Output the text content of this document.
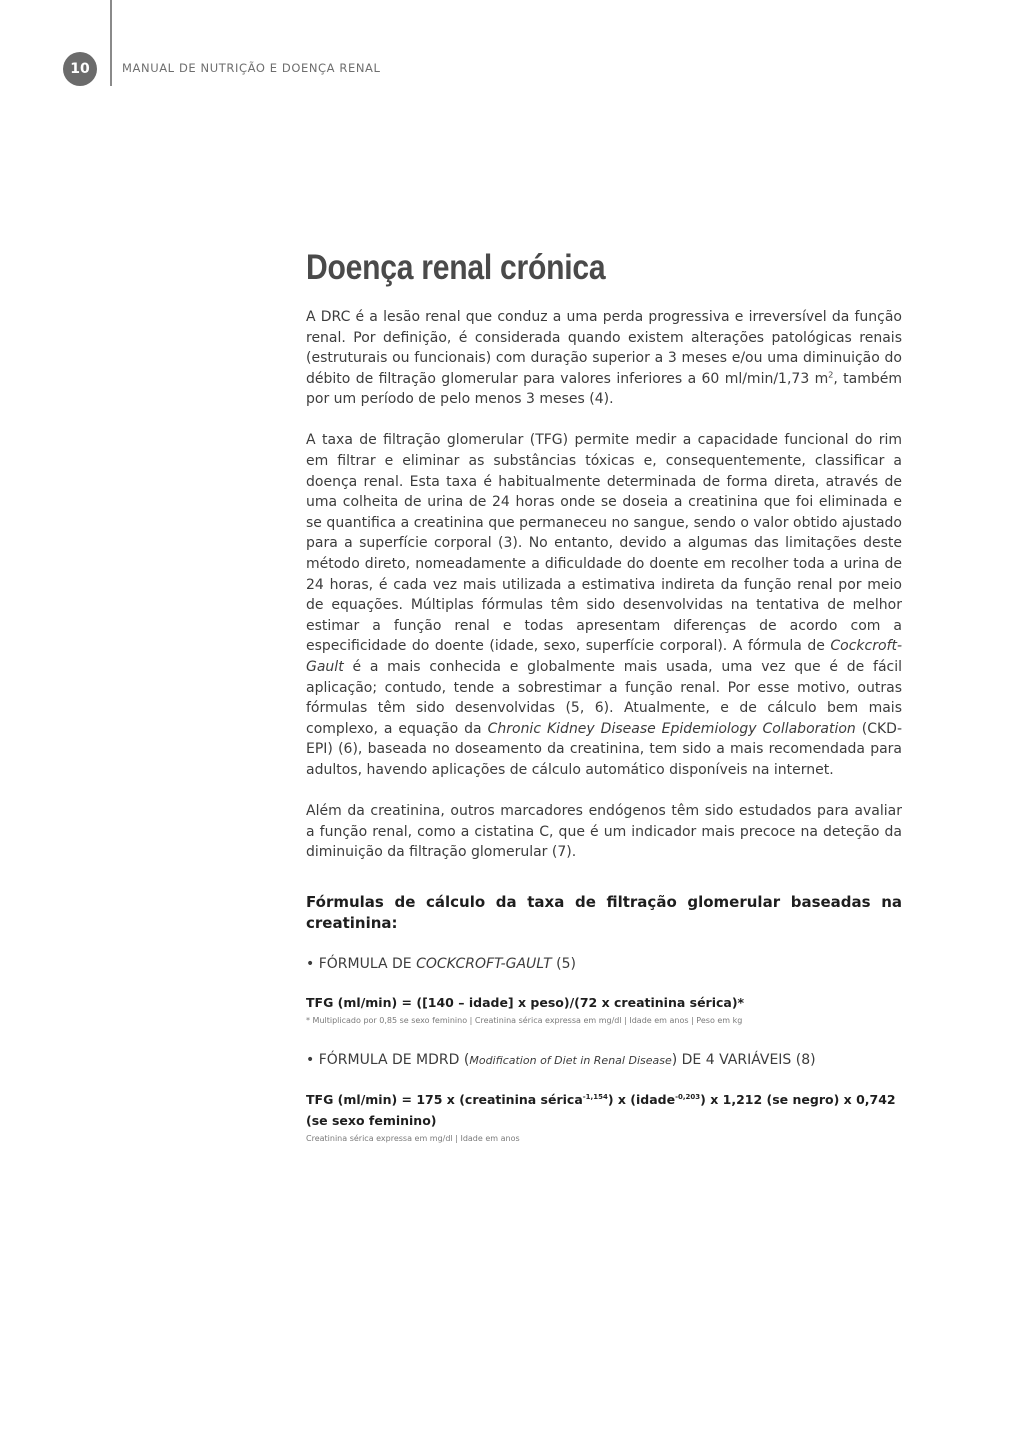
10	MANUAL DE NUTRIÇÃO E DOENÇA RENAL
Doença renal crónica

A DRC é a lesão renal que conduz a uma perda progressiva e irreversível da função renal. Por definição, é considerada quando existem alterações patológicas renais (estruturais ou funcionais) com duração superior a 3 meses e/ou uma diminuição do débito de filtração glomerular para valores inferiores a 60 ml/min/1,73 $m^2$, também por um período de pelo menos 3 meses (4).

A taxa de filtração glomerular (TFG) permite medir a capacidade funcional do rim em filtrar e eliminar as substâncias tóxicas e, consequentemente, classificar a doença renal. Esta taxa é habitualmente determinada de forma direta, através de uma colheita de urina de 24 horas onde se doseia a creatinina que foi eliminada e se quantifica a creatinina que permaneceu no sangue, sendo o valor obtido ajustado para a superfície corporal (3). No entanto, devido a algumas das limitações deste método direto, nomeadamente a dificuldade do doente em recolher toda a urina de 24 horas, é cada vez mais utilizada a estimativa indireta da função renal por meio de equações. Múltiplas fórmulas têm sido desenvolvidas na tentativa de melhor estimar a função renal e todas apresentam diferenças de acordo com a especificidade do doente (idade, sexo, superfície corporal). A fórmula de Cockcroft-Gault é a mais conhecida e globalmente mais usada, uma vez que é de fácil aplicação; contudo, tende a sobrestimar a função renal. Por esse motivo, outras fórmulas têm sido desenvolvidas (5, 6). Atualmente, e de cálculo bem mais complexo, a equação da Chronic Kidney Disease Epidemiology Collaboration (CKD-EPI) (6), baseada no doseamento da creatinina, tem sido a mais recomendada para adultos, havendo aplicações de cálculo automático disponíveis na internet.

Além da creatinina, outros marcadores endógenos têm sido estudados para avaliar a função renal, como a cistatina C, que é um indicador mais precoce na deteção da diminuição da filtração glomerular (7).

Fórmulas de cálculo da taxa de filtração glomerular baseadas na creatinina:
• FÓRMULA DE COCKCROFT-GAULT (5)
TFG (ml/min) = ([140 – idade] x peso)/(72 x creatinina sérica)*
* Multiplicado por 0,85 se sexo feminino | Creatinina sérica expressa em mg/dl | Idade em anos | Peso em kg
• FÓRMULA DE MDRD (Modification of Diet in Renal Disease) DE 4 VARIÁVEIS (8)
TFG (ml/min) = 175 x (creatinina sérica$^{-1,154}$) x (idade$^{-0,203}$) x 1,212 (se negro) x 0,742 (se sexo feminino)
Creatinina sérica expressa em mg/dl | Idade em anos
